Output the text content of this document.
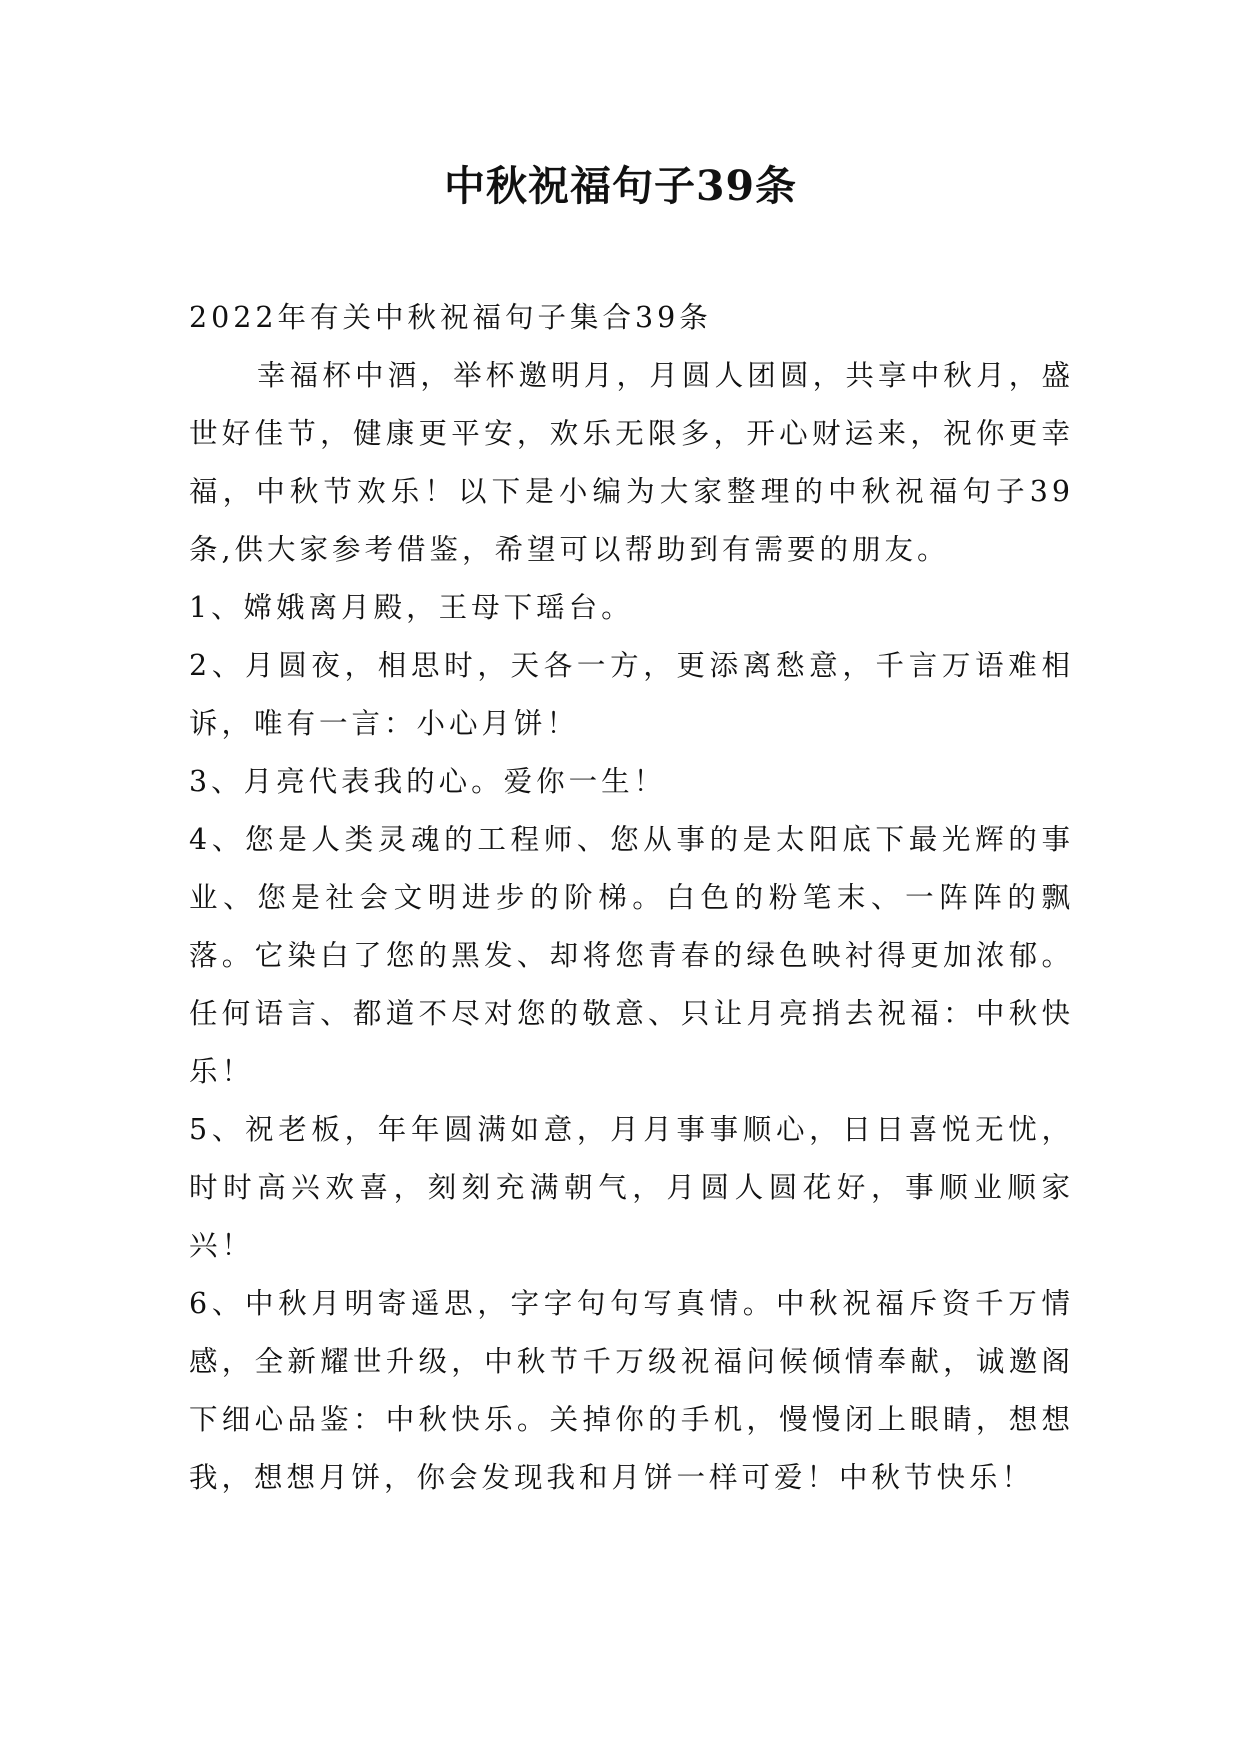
中秋祝福句子39条

2022年有关中秋祝福句子集合39条

幸福杯中酒，举杯邀明月，月圆人团圆，共享中秋月，盛世好佳节，健康更平安，欢乐无限多，开心财运来，祝你更幸福，中秋节欢乐！以下是小编为大家整理的中秋祝福句子39条,供大家参考借鉴，希望可以帮助到有需要的朋友。

1、嫦娥离月殿，王母下瑶台。

2、月圆夜，相思时，天各一方，更添离愁意，千言万语难相诉，唯有一言：小心月饼！

3、月亮代表我的心。爱你一生！

4、您是人类灵魂的工程师、您从事的是太阳底下最光辉的事业、您是社会文明进步的阶梯。白色的粉笔末、一阵阵的飘落。它染白了您的黑发、却将您青春的绿色映衬得更加浓郁。任何语言、都道不尽对您的敬意、只让月亮捎去祝福：中秋快乐！

5、祝老板，年年圆满如意，月月事事顺心，日日喜悦无忧，时时高兴欢喜，刻刻充满朝气，月圆人圆花好，事顺业顺家兴！

6、中秋月明寄遥思，字字句句写真情。中秋祝福斥资千万情感，全新耀世升级，中秋节千万级祝福问候倾情奉献，诚邀阁下细心品鉴：中秋快乐。关掉你的手机，慢慢闭上眼睛，想想我，想想月饼，你会发现我和月饼一样可爱！中秋节快乐！
